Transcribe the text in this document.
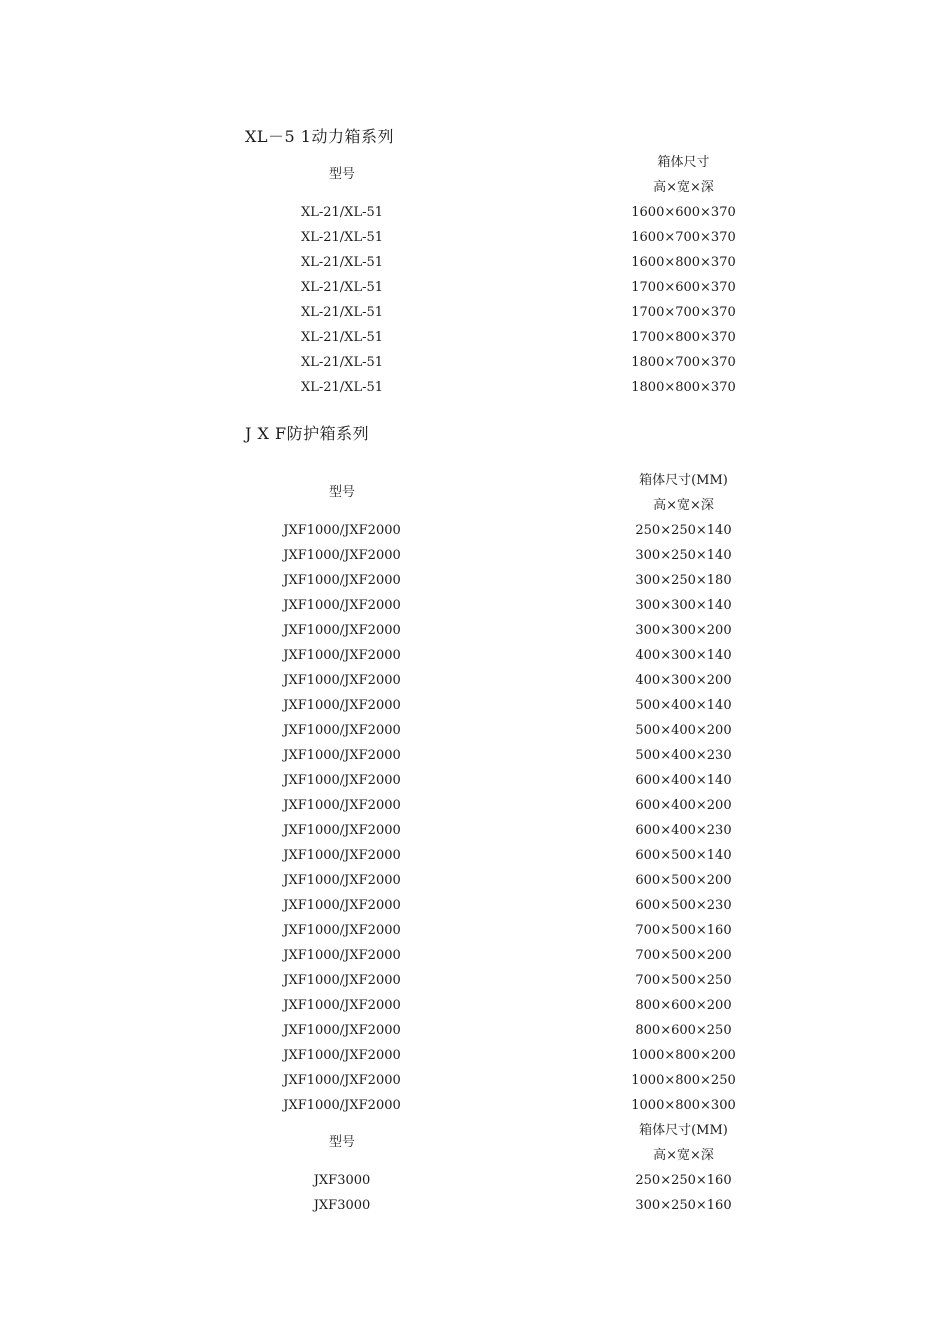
XL－5 1动力箱系列
型号
箱体尺寸
高×宽×深
XL-21/XL-51	1600×600×370
XL-21/XL-51	1600×700×370
XL-21/XL-51	1600×800×370
XL-21/XL-51	1700×600×370
XL-21/XL-51	1700×700×370
XL-21/XL-51	1700×800×370
XL-21/XL-51	1800×700×370
XL-21/XL-51	1800×800×370
J X F防护箱系列
型号
箱体尺寸(MM)
高×宽×深
JXF1000/JXF2000	250×250×140
JXF1000/JXF2000	300×250×140
JXF1000/JXF2000	300×250×180
JXF1000/JXF2000	300×300×140
JXF1000/JXF2000	300×300×200
JXF1000/JXF2000	400×300×140
JXF1000/JXF2000	400×300×200
JXF1000/JXF2000	500×400×140
JXF1000/JXF2000	500×400×200
JXF1000/JXF2000	500×400×230
JXF1000/JXF2000	600×400×140
JXF1000/JXF2000	600×400×200
JXF1000/JXF2000	600×400×230
JXF1000/JXF2000	600×500×140
JXF1000/JXF2000	600×500×200
JXF1000/JXF2000	600×500×230
JXF1000/JXF2000	700×500×160
JXF1000/JXF2000	700×500×200
JXF1000/JXF2000	700×500×250
JXF1000/JXF2000	800×600×200
JXF1000/JXF2000	800×600×250
JXF1000/JXF2000	1000×800×200
JXF1000/JXF2000	1000×800×250
JXF1000/JXF2000	1000×800×300
型号
箱体尺寸(MM)
高×宽×深
JXF3000	250×250×160
JXF3000	300×250×160
